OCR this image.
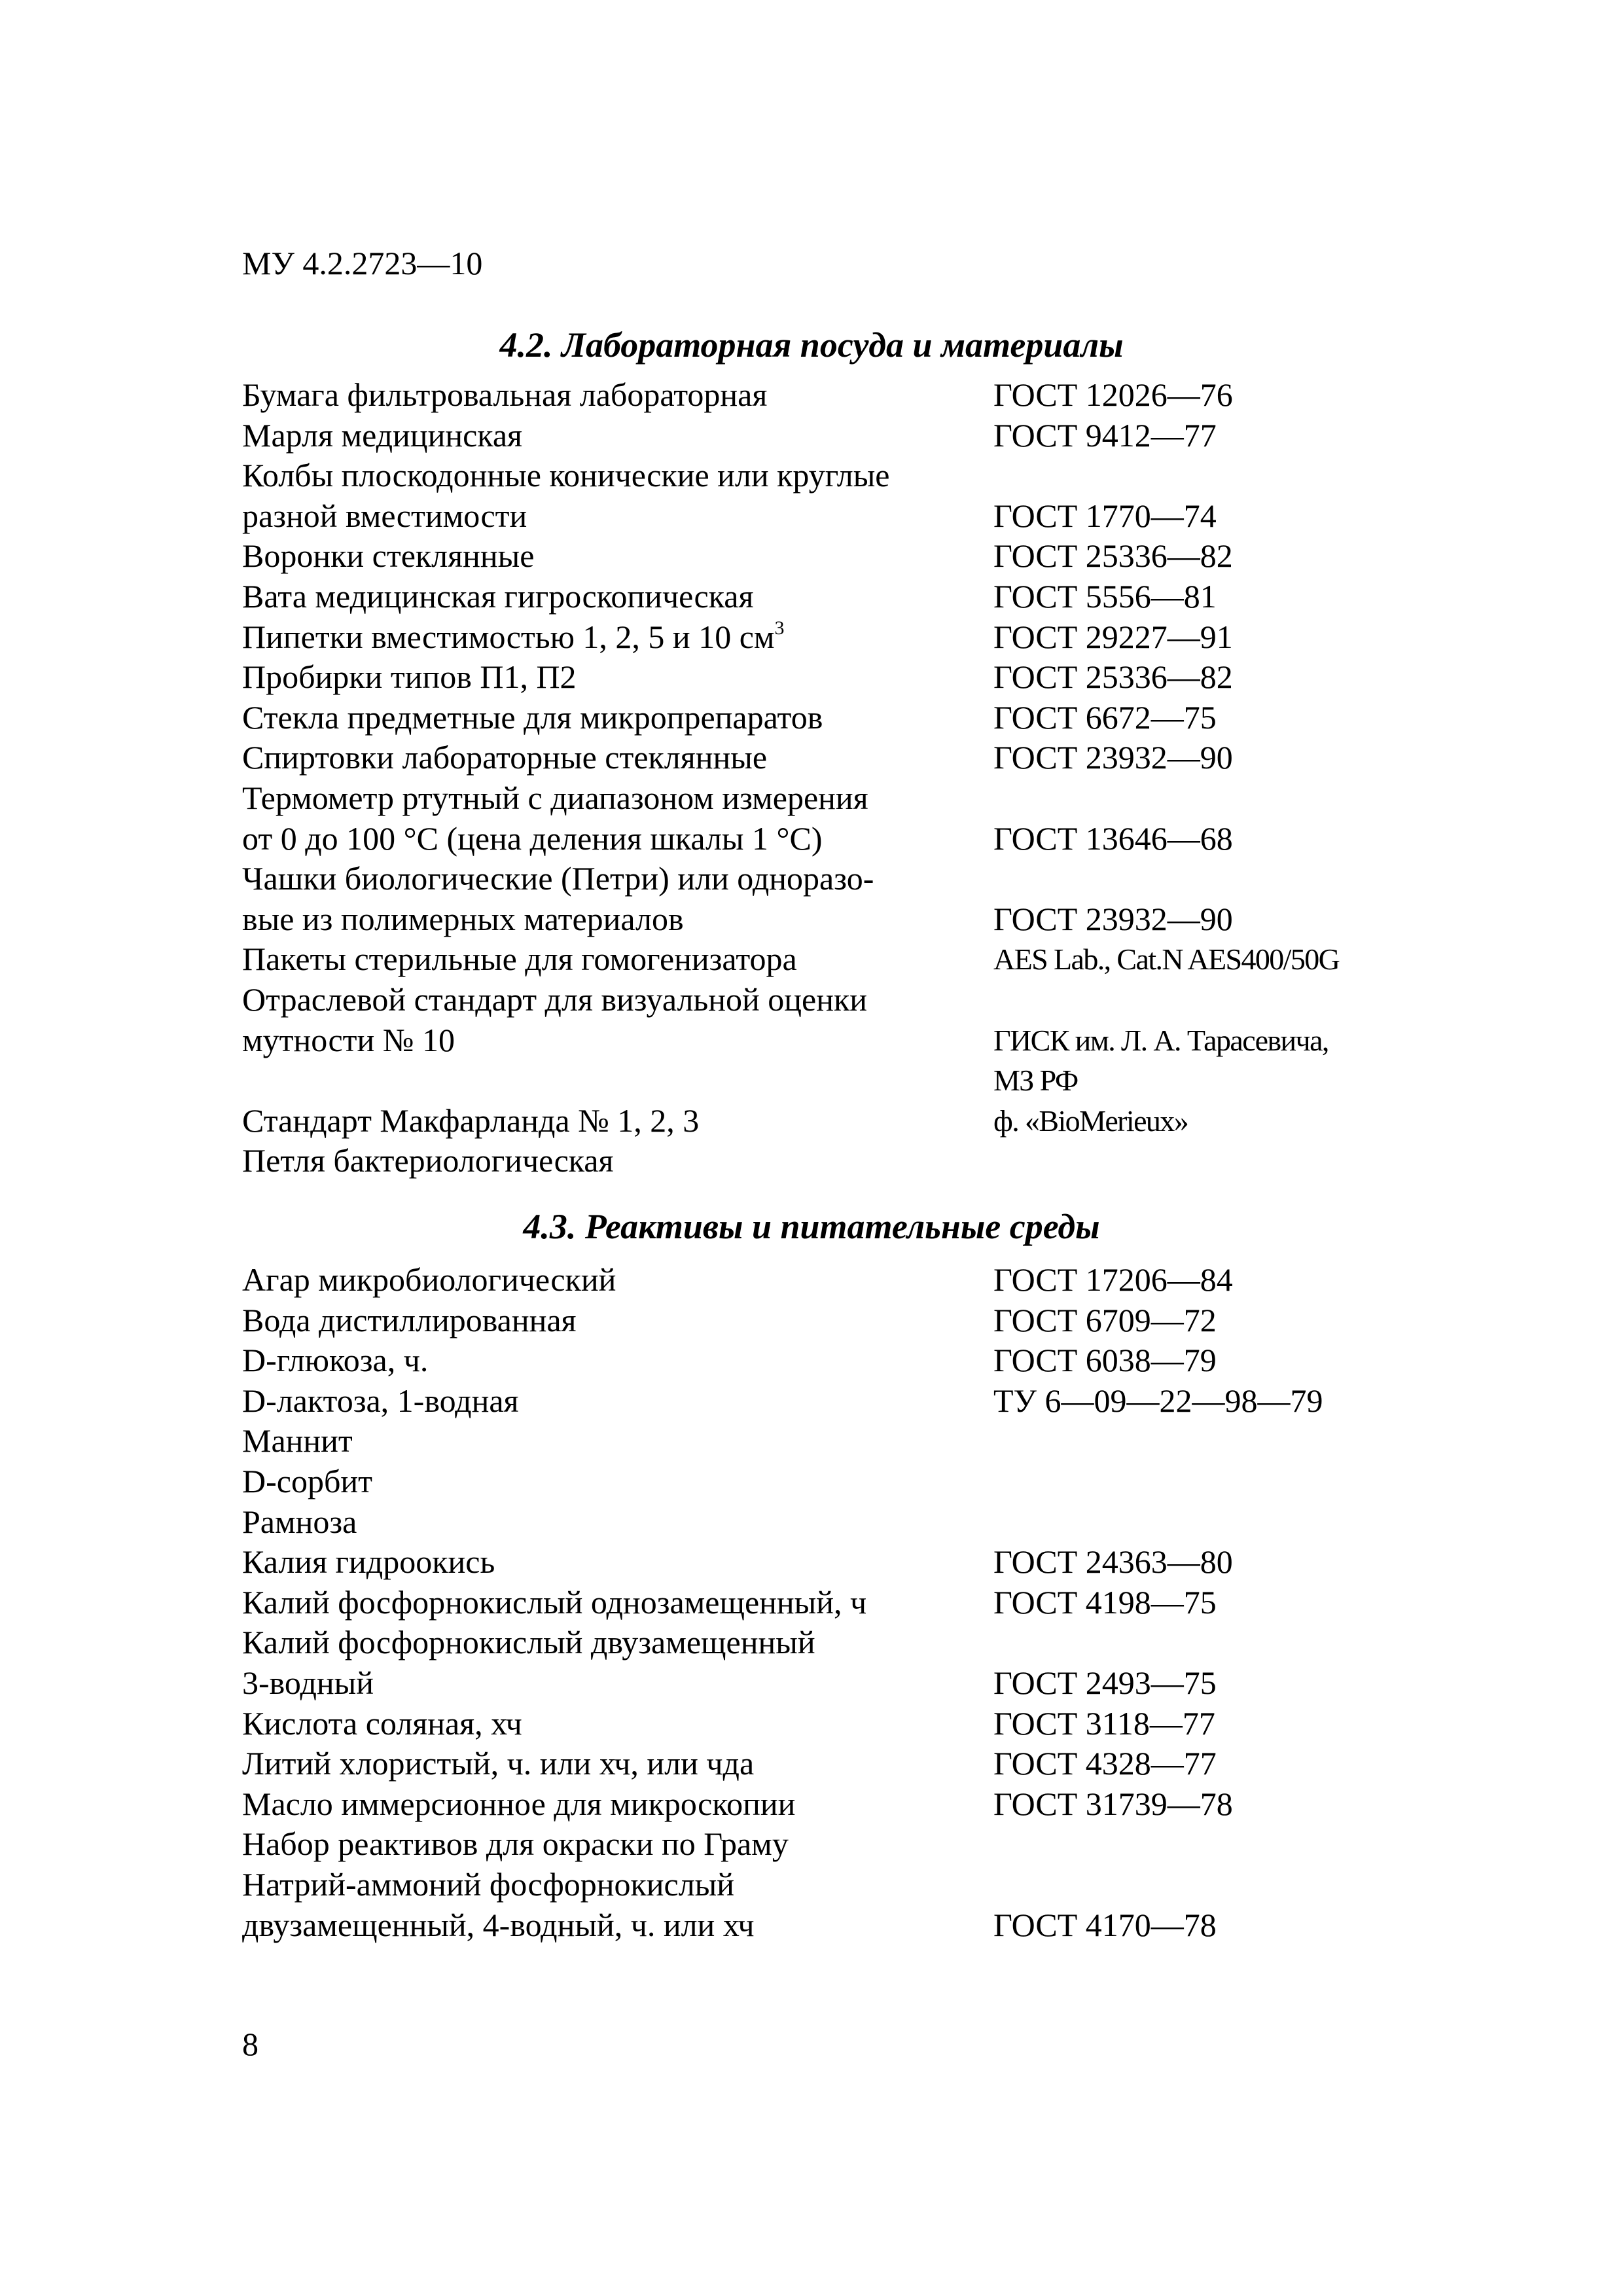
МУ 4.2.2723—10
4.2. Лабораторная посуда и материалы
Бумага фильтровальная лабораторная	ГОСТ 12026—76
Марля медицинская	ГОСТ 9412—77
Колбы плоскодонные конические или круглые
разной вместимости	ГОСТ 1770—74
Воронки стеклянные	ГОСТ 25336—82
Вата медицинская гигроскопическая	ГОСТ 5556—81
Пипетки вместимостью 1, 2, 5 и 10 $см^3$	ГОСТ 29227—91
Пробирки типов П1, П2	ГОСТ 25336—82
Стекла предметные для микропрепаратов	ГОСТ 6672—75
Спиртовки лабораторные стеклянные	ГОСТ 23932—90
Термометр ртутный с диапазоном измерения
от 0 до 100 °С (цена деления шкалы 1 °С)	ГОСТ 13646—68
Чашки биологические (Петри) или одноразо-
вые из полимерных материалов	ГОСТ 23932—90
Пакеты стерильные для гомогенизатора	AES Lab., Cat.N AES400/50G
Отраслевой стандарт для визуальной оценки
мутности № 10
	ГИСК им. Л. А. Тарасевича,
МЗ РФ
Стандарт Макфарланда № 1, 2, 3	ф. «BioMerieux»
Петля бактериологическая
4.3. Реактивы и питательные среды
Агар микробиологический	ГОСТ 17206—84
Вода дистиллированная	ГОСТ 6709—72
D-глюкоза, ч.	ГОСТ 6038—79
D-лактоза, 1-водная	ТУ 6—09—22—98—79
Маннит
D-сорбит
Рамноза
Калия гидроокись	ГОСТ 24363—80
Калий фосфорнокислый однозамещенный, ч	ГОСТ 4198—75
Калий фосфорнокислый двузамещенный
3-водный	ГОСТ 2493—75
Кислота соляная, хч	ГОСТ 3118—77
Литий хлористый, ч. или хч, или чда	ГОСТ 4328—77
Масло иммерсионное для микроскопии	ГОСТ 31739—78
Набор реактивов для окраски по Граму
Натрий-аммоний фосфорнокислый
двузамещенный, 4-водный, ч. или хч	ГОСТ 4170—78
8
